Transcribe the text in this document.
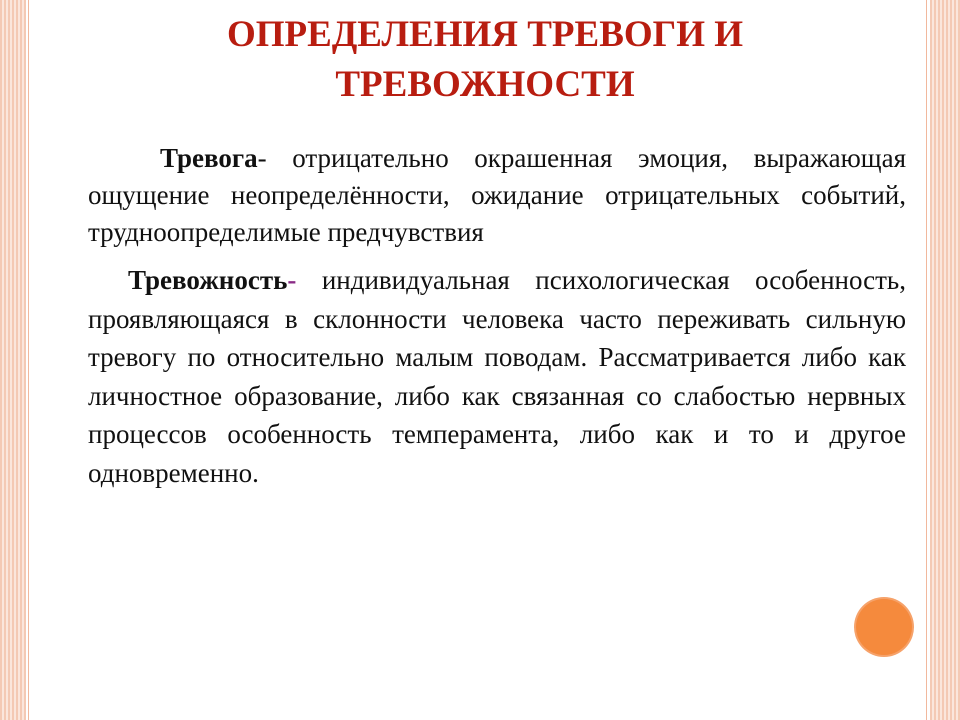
ОПРЕДЕЛЕНИЯ ТРЕВОГИ И
ТРЕВОЖНОСТИ

Тревога- отрицательно окрашенная эмоция, выражающая ощущение неопределённости, ожидание отрицательных событий, трудноопределимые предчувствия

Тревожность- индивидуальная психологическая особенность, проявляющаяся в склонности человека часто переживать сильную тревогу по относительно малым поводам. Рассматривается либо как личностное образование, либо как связанная со слабостью нервных процессов особенность темперамента, либо как и то и другое одновременно.
